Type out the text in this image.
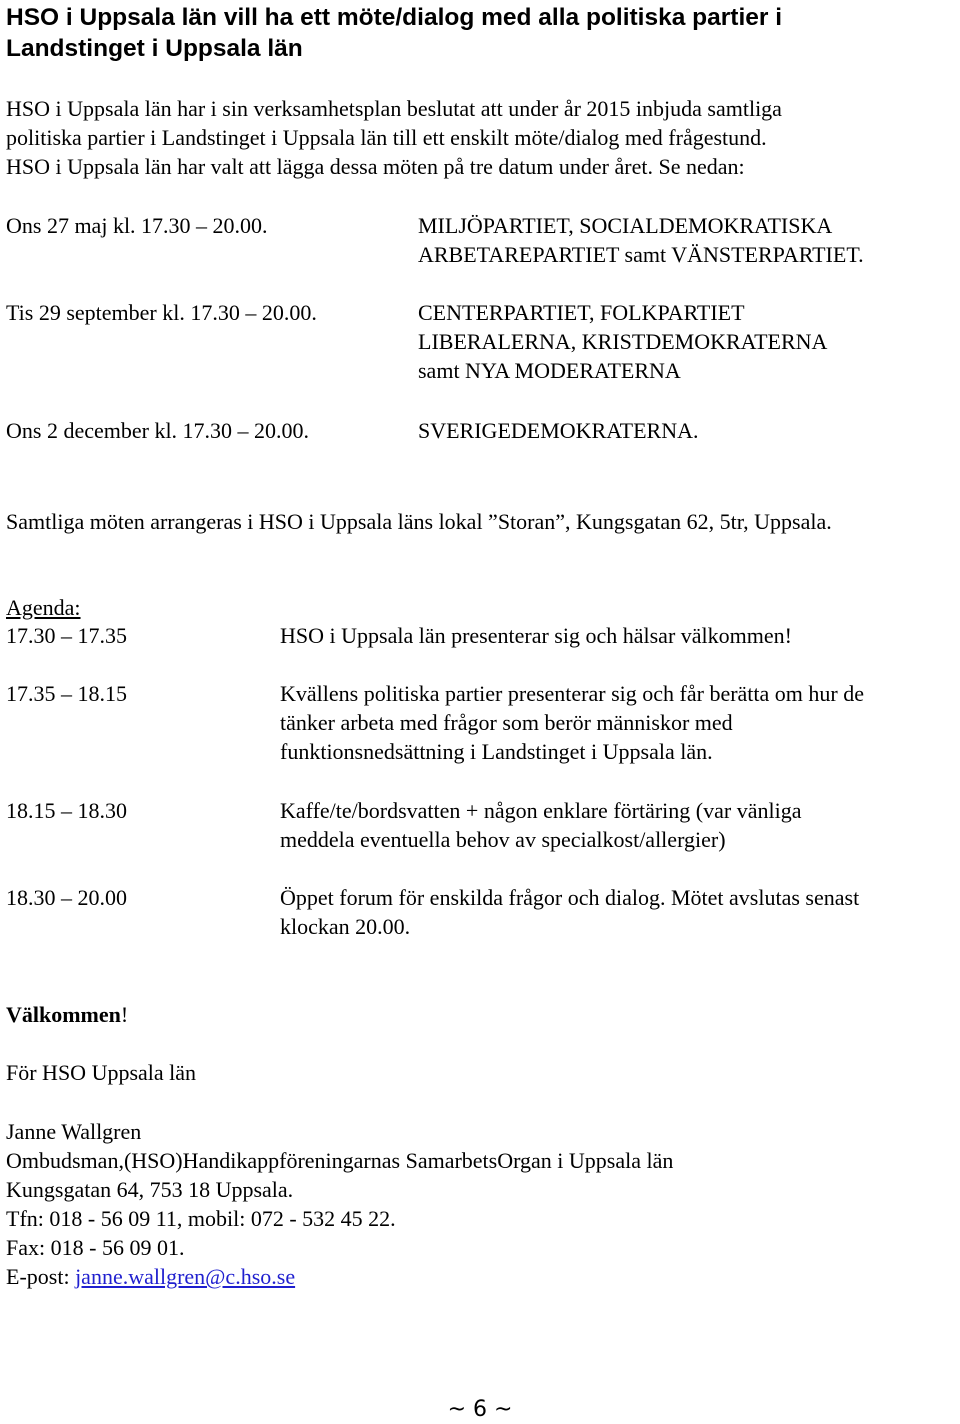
HSO i Uppsala län vill ha ett möte/dialog med alla politiska partier i Landstinget i Uppsala län
HSO i Uppsala län har i sin verksamhetsplan beslutat att under år 2015 inbjuda samtliga
politiska partier i Landstinget i Uppsala län till ett enskilt möte/dialog med frågestund.
HSO i Uppsala län har valt att lägga dessa möten på tre datum under året. Se nedan:
Ons 27 maj kl. 17.30 – 20.00.	MILJÖPARTIET, SOCIALDEMOKRATISKA
ARBETAREPARTIET samt VÄNSTERPARTIET.
Tis 29 september kl. 17.30 – 20.00.	CENTERPARTIET, FOLKPARTIET
LIBERALERNA, KRISTDEMOKRATERNA
samt NYA MODERATERNA
Ons 2 december kl. 17.30 – 20.00.	SVERIGEDEMOKRATERNA.
Samtliga möten arrangeras i HSO i Uppsala läns lokal ”Storan”, Kungsgatan 62, 5tr, Uppsala.
Agenda:
17.30 – 17.35	HSO i Uppsala län presenterar sig och hälsar välkommen!
17.35 – 18.15	Kvällens politiska partier presenterar sig och får berätta om hur de
tänker arbeta med frågor som berör människor med
funktionsnedsättning i Landstinget i Uppsala län.
18.15 – 18.30	Kaffe/te/bordsvatten + någon enklare förtäring (var vänliga
meddela eventuella behov av specialkost/allergier)
18.30 – 20.00	Öppet forum för enskilda frågor och dialog. Mötet avslutas senast
klockan 20.00.
Välkommen!
För HSO Uppsala län
Janne Wallgren
Ombudsman,(HSO)Handikappföreningarnas SamarbetsOrgan i Uppsala län
Kungsgatan 64, 753 18 Uppsala.
Tfn: 018 - 56 09 11, mobil: 072 - 532 45 22.
Fax: 018 - 56 09 01.
E-post: janne.wallgren@c.hso.se
~ 6 ~
